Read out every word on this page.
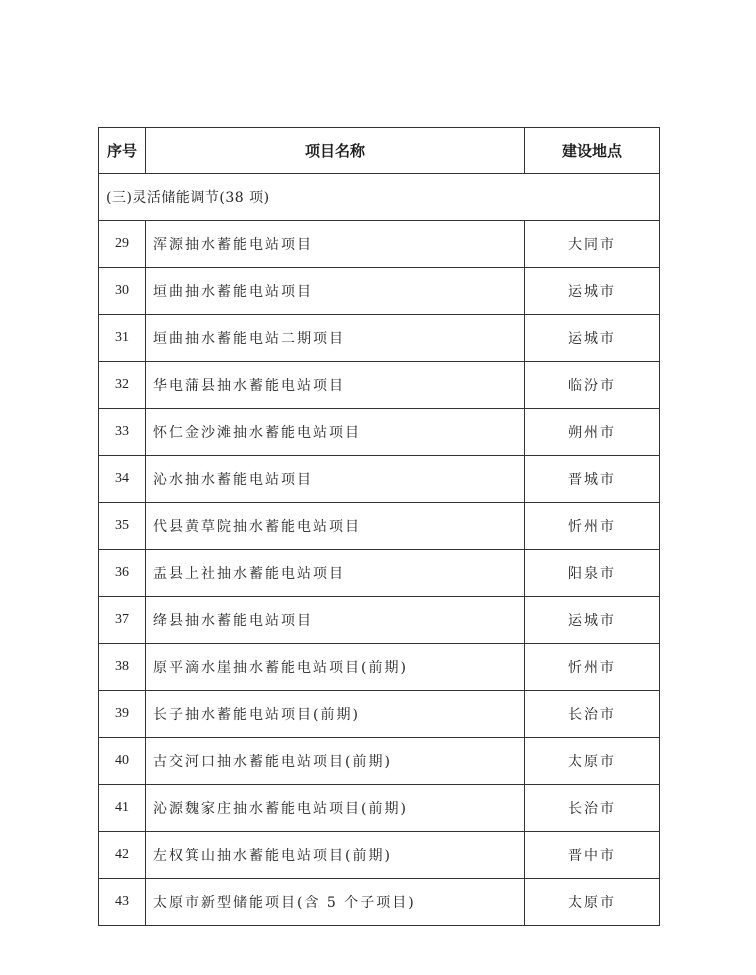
序号	项目名称	建设地点
(三)灵活储能调节(38 项)		
29	浑源抽水蓄能电站项目	大同市
30	垣曲抽水蓄能电站项目	运城市
31	垣曲抽水蓄能电站二期项目	运城市
32	华电蒲县抽水蓄能电站项目	临汾市
33	怀仁金沙滩抽水蓄能电站项目	朔州市
34	沁水抽水蓄能电站项目	晋城市
35	代县黄草院抽水蓄能电站项目	忻州市
36	盂县上社抽水蓄能电站项目	阳泉市
37	绛县抽水蓄能电站项目	运城市
38	原平滴水崖抽水蓄能电站项目(前期)	忻州市
39	长子抽水蓄能电站项目(前期)	长治市
40	古交河口抽水蓄能电站项目(前期)	太原市
41	沁源魏家庄抽水蓄能电站项目(前期)	长治市
42	左权箕山抽水蓄能电站项目(前期)	晋中市
43	太原市新型储能项目(含 5 个子项目)	太原市
